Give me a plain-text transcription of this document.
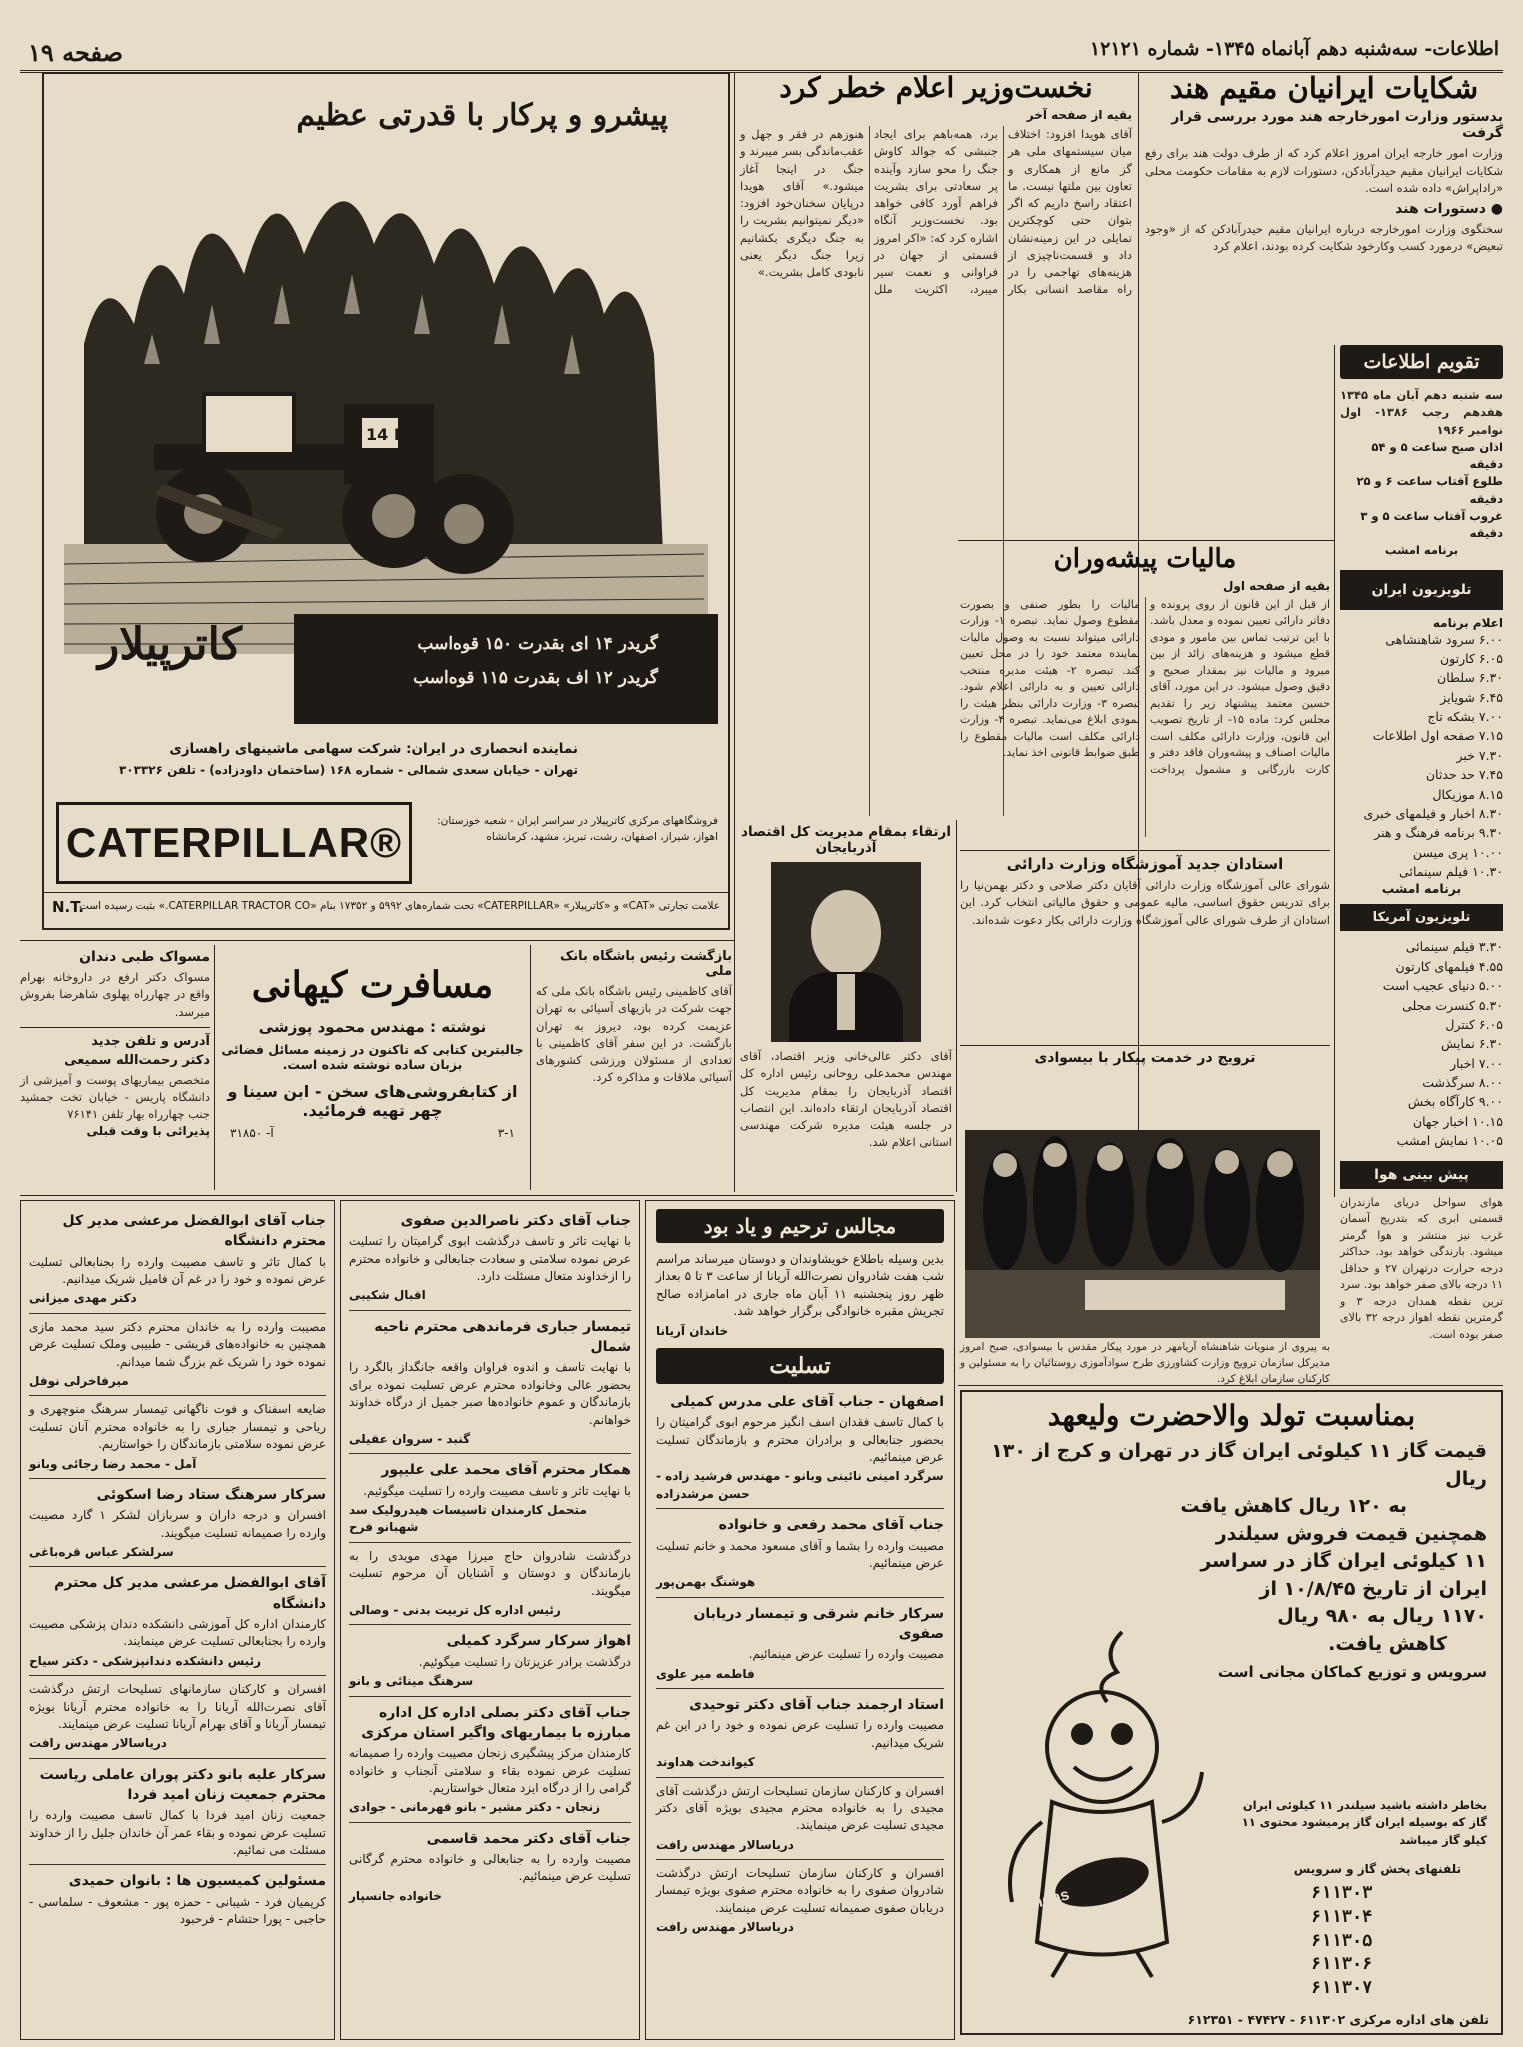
اطلاعات- سه‌شنبه دهم آبانماه ۱۳۴۵- شماره ۱۲۱۲۱
صفحه ۱۹
شکایات ایرانیان مقیم هند
بدستور وزارت امورخارجه هند مورد بررسی قرار گرفت

وزارت امور خارجه ایران امروز اعلام کرد که از طرف دولت هند برای رفع شکایات ایرانیان مقیم حیدرآبادکن، دستورات لازم به مقامات حکومت محلی «راداپراش» داده شده است.

● دستورات هند

سخنگوی وزارت امورخارجه درباره ایرانیان مقیم حیدرآبادکن که از «وجود تبعیض» درمورد کسب وکارخود شکایت کرده بودند، اعلام کرد

نخست‌وزیر اعلام خطر کرد
بقیه از صفحه آخر

آقای هویدا افزود: اختلاف میان سیستمهای ملی هر گز مانع از همکاری و تعاون بین ملتها نیست. ما اعتقاد راسخ داریم که اگر بتوان حتی کوچکترین تمایلی در این زمینه‌نشان داد و قسمت‌ناچیزی از هزینه‌های تهاجمی را در راه مقاصد انسانی بکار برد، همه‌باهم برای ایجاد جنبشی که جوالد کاوش جنگ را محو سازد وآینده پر سعادتی برای بشریت فراهم آورد کافی خواهد بود. نخست‌وزیر آنگاه اشاره کرد که: «اکر امروز قسمتی از جهان در فراوانی و نعمت سیر میبرد، اکثریت ملل هنوزهم در فقر و جهل و عقب‌ماندگی بسر میبرند و جنگ در اینجا آغاز میشود.» آقای هویدا درپایان سخنان‌خود افزود: «دیگر نمیتوانیم بشریت را به جنگ دیگری بکشانیم زیرا جنگ دیگر یعنی نابودی کامل بشریت.»

پیشرو و پرکار با قدرتی عظیم
14 E
گریدر ۱۴ ای بقدرت ۱۵۰ قوه‌اسب
گریدر ۱۲ اف بقدرت ۱۱۵ قوه‌اسب
کاترپیلار
نماینده انحصاری در ایران: شرکت سهامی ماشینهای راهسازی
تهران - خیابان سعدی شمالی - شماره ۱۶۸ (ساختمان داودزاده) - تلفن ۳۰۳۳۲۶
فروشگاههای مرکزی کاترپیلار در سراسر ایران - شعبه خوزستان: اهواز، شیراز، اصفهان، رشت، تبریز، مشهد، کرمانشاه
CATERPILLAR®
N.T.
علامت تجارتی «CAT» و «کاترپیلار» «CATERPILLAR» تحت شماره‌های ۵۹۹۲ و ۱۷۳۵۲ بنام «CATERPILLAR TRACTOR CO.» بثبت رسیده است
تقویم اطلاعات

سه شنبه دهم آبان ماه ۱۳۴۵ هفدهم رجب ۱۳۸۶- اول نوامبر ۱۹۶۶

اذان صبح ساعت ۵ و ۵۴ دقیقه
طلوع آفتاب ساعت ۶ و ۲۵ دقیقه
غروب آفتاب ساعت ۵ و ۳ دقیقه
برنامه امشب
تلویزیون ایران
اعلام برنامه
۶.۰۰ سرود شاهنشاهی
۶.۰۵ کارتون
۶.۳۰ سلطان
۶.۴۵ شویایز
۷.۰۰ بشکه تاج
۷.۱۵ صفحه اول اطلاعات
۷.۳۰ خبر
۷.۴۵ حد حدثان
۸.۱۵ موزیکال
۸.۳۰ اخبار و فیلمهای خبری
۹.۳۰ برنامه فرهنگ و هنر
۱۰.۰۰ پری میسن
۱۰.۳۰ فیلم سینمائی
برنامه امشب
تلویزیون آمریکا
۳.۳۰ فیلم سینمائی
۴.۵۵ فیلمهای کارتون
۵.۰۰ دنیای عجیب است
۵.۳۰ کنسرت مجلی
۶.۰۵ کنترل
۶.۳۰ نمایش
۷.۰۰ اخبار
۸.۰۰ سرگذشت
۹.۰۰ کارآگاه بخش
۱۰.۱۵ اخبار جهان
۱۰.۰۵ نمایش امشب
پیش بینی هوا

هوای سواحل دریای مازندران قسمتی ابری که بتدریج آسمان غرب نیز منتشر و هوا گرمتر میشود. بارندگی خواهد بود. حداکثر درجه حرارت درتهران ۲۷ و حداقل ۱۱ درجه بالای صفر خواهد بود. سرد ترین نقطه همدان درجه ۳ و گرمترین نقطه اهواز درجه ۳۲ بالای صفر بوده است.

مالیات پیشه‌وران
بقیه از صفحه اول

از قبل از این قانون از روی پرونده و دفاتر دارائی تعیین نموده و معدل باشد. با این ترتیب تماس بین مامور و مودی قطع میشود و هزینه‌های زائد از بین میرود و مالیات نیز بمقدار صحیح و دقیق وصول میشود. در این مورد، آقای حسین معتمد پیشنهاد زیر را تقدیم مجلس کرد: ماده ۱۵- از تاریخ تصویب این قانون، وزارت دارائی مکلف است مالیات اصناف و پیشه‌وران فاقد دفتر و کارت بازرگانی و مشمول پرداخت مالیات را بطور صنفی و بصورت مقطوع وصول نماید. تبصره ۱- وزارت دارائی میتواند نسبت به وصول مالیات نماینده معتمد خود را در محل تعیین کند. تبصره ۲- هیئت مدیره منتخب دارائی تعیین و به دارائی اعلام شود. تبصره ۳- وزارت دارائی بنظر هیئت را بمودی ابلاغ می‌نماید. تبصره ۴- وزارت دارائی مکلف است مالیات مقطوع را طبق ضوابط قانونی اخذ نماید.

ارتقاء بمقام مدیریت کل اقتصاد آذربایجان

آقای دکتر عالی‌خانی وزیر اقتصاد، آقای مهندس محمدعلی روحانی رئیس اداره کل اقتصاد آذربایجان را بمقام مدیریت کل اقتصاد آذربایجان ارتقاء داده‌اند. این انتصاب در جلسه هیئت مدیره شرکت مهندسی استانی اعلام شد.

استادان جدید آموزشگاه وزارت دارائی

شورای عالی آموزشگاه وزارت دارائی آقایان دکتر صلاحی و دکتر بهمن‌نیا را برای تدریس حقوق اساسی، مالیه عمومی و حقوق مالیاتی انتخاب کرد. این استادان از طرف شورای عالی آموزشگاه وزارت دارائی بکار دعوت شده‌اند.

بازگشت رئیس باشگاه بانک ملی

آقای کاظمینی رئیس باشگاه بانک ملی که جهت شرکت در بازیهای آسیائی به تهران عزیمت کرده بود، دیروز به تهران بازگشت. در این سفر آقای کاظمینی با تعدادی از مسئولان ورزشی کشورهای آسیائی ملاقات و مذاکره کرد.

مسافرت کیهانی
نوشته : مهندس محمود پوزشی
جالبترین کتابی که تاکنون در زمینه مسائل فضائی بزبان ساده نوشته شده است.
از کتابفروشی‌های سخن - ابن سینا و چهر تهیه فرمائید.
۳-۱
آ- ۳۱۸۵۰
مسواک طبی دندان

مسواک دکتر ارفع در داروخانه بهرام واقع در چهارراه پهلوی شاهرضا بفروش میرسد.

آدرس و تلفن جدید
دکتر رحمت‌الله سمیعی

متخصص بیماریهای پوست و آمیزشی از دانشگاه پاریس - خیابان تخت جمشید جنب چهارراه بهار تلفن ۷۶۱۴۱

پذیرائی با وقت قبلی
ترویج در خدمت پیکار با بیسوادی

به پیروی از منویات شاهنشاه آریامهر در مورد پیکار مقدس با بیسوادی، صبح امروز مدیرکل سازمان ترویج وزارت کشاورزی طرح سوادآموزی روستائیان را به مسئولین و کارکنان سازمان ابلاغ کرد.

بمناسبت تولد والاحضرت ولیعهد
قیمت گاز ۱۱ کیلوئی ایران گاز در تهران و کرج از ۱۳۰ ریال
به ۱۲۰ ریال کاهش یافت
همچنین قیمت فروش سیلندر
۱۱ کیلوئی ایران گاز در سراسر
ایران از تاریخ ۱۰/۸/۴۵ از
۱۱۷۰ ریال به ۹۸۰ ریال
کاهش یافت.
سرویس و توزیع کماکان مجانی است
بخاطر داشته باشید سیلندر ۱۱ کیلوئی ایران گاز که بوسیله ایران گاز پرمیشود محتوی ۱۱ کیلو گاز میباشد
تلفنهای پخش گاز و سرویس
۶۱۱۳۰۳
۶۱۱۳۰۴
۶۱۱۳۰۵
۶۱۱۳۰۶
۶۱۱۳۰۷
تلفن های اداره مرکزی ۶۱۱۳۰۲ - ۴۷۴۲۷ - ۶۱۲۳۵۱
irangas
جناب آقای ابوالفضل مرعشی مدیر کل محترم دانشگاه

با کمال تاثر و تاسف مصیبت وارده را بجنابعالی تسلیت عرض نموده و خود را در غم آن فامیل شریک میدانیم.

دکتر مهدی میزانی

مصیبت وارده را به خاندان محترم دکتر سید محمد مازی همچنین به خانواده‌های قریشی - طبیبی وملک تسلیت عرض نموده خود را شریک غم بزرگ شما میدانم.

میرفاخرلی نوفل

ضایعه اسفناک و فوت ناگهانی تیمسار سرهنگ منوچهری و ریاحی و تیمسار جباری را به خانواده محترم آنان تسلیت عرض نموده سلامتی بازماندگان را خواستاریم.

آمل - محمد رضا رجائی وبانو

سرکار سرهنگ ستاد رضا اسکوئی

افسران و درجه داران و سربازان لشکر ۱ گارد مصیبت وارده را صمیمانه تسلیت میگویند.

سرلشکر عباس قره‌باغی

آقای ابوالفضل مرعشی مدیر کل محترم دانشگاه

کارمندان اداره کل آموزشی دانشکده دندان پزشکی مصیبت وارده را بجنابعالی تسلیت عرض مینمایند.

رئیس دانشکده دندانپزشکی - دکتر سیاح

افسران و کارکنان سازمانهای تسلیحات ارتش درگذشت آقای نصرت‌الله آریانا را به خانواده محترم آریانا بویژه تیمسار آریانا و آقای بهرام آریانا تسلیت عرض مینمایند.

دریاسالار مهندس رافت

سرکار علیه بانو دکتر پوران عاملی ریاست محترم جمعیت زنان امید فردا

جمعیت زنان امید فردا با کمال تاسف مصیبت وارده را تسلیت عرض نموده و بقاء عمر آن خاندان جلیل را از خداوند مسئلت می نمائیم.

مسئولین کمیسیون ها : بانوان حمیدی

کریمیان فرد - شیبانی - حمزه پور - مشعوف - سلماسی - حاجبی - پورا حتشام - فرحبود

جناب آقای دکتر ناصرالدین صفوی

با نهایت تاثر و تاسف درگذشت ابوی گرامیتان را تسلیت عرض نموده سلامتی و سعادت جنابعالی و خانواده محترم را ازخداوند متعال مسئلت دارد.

اقبال شکیبی

تیمسار جباری فرماندهی محترم ناحیه شمال

با نهایت تاسف و اندوه فراوان واقعه جانگداز بالگرد را بحضور عالی وخانواده محترم عرض تسلیت نموده برای بازماندگان و عموم خانواده‌ها صبر جمیل از درگاه خداوند خواهانم.

گنبد - سروان عقیلی

همکار محترم آقای محمد علی علیپور

با نهایت تاثر و تاسف مصیبت وارده را تسلیت میگوئیم.

متحمل کارمندان تاسیسات هیدرولیک سد شهبانو فرح

درگذشت شادروان حاج میرزا مهدی مویدی را به بازماندگان و دوستان و آشنایان آن مرحوم تسلیت میگویند.

رئیس اداره کل تربیت بدنی - وصالی

اهواز سرکار سرگرد کمیلی

درگذشت برادر عزیزتان را تسلیت میگوئیم.

سرهنگ مینائی و بانو

جناب آقای دکتر بصلی اداره کل اداره مبارزه با بیماریهای واگیر استان مرکزی

کارمندان مرکز پیشگیری زنجان مصیبت وارده را صمیمانه تسلیت عرض نموده بقاء و سلامتی آنجناب و خانواده گرامی را از درگاه ایزد متعال خواستاریم.

زنجان - دکتر مشیر - بانو قهرمانی - جوادی

جناب آقای دکتر محمد قاسمی

مصیبت وارده را به جنابعالی و خانواده محترم گرگانی تسلیت عرض مینمائیم.

خانواده جانسپار

مجالس ترحیم و یاد بود

بدین وسیله باطلاع خویشاوندان و دوستان میرساند مراسم شب هفت شادروان نصرت‌الله آریانا از ساعت ۳ تا ۵ بعداز ظهر روز پنجشنبه ۱۱ آبان ماه جاری در امامزاده صالح تجریش مقبره خانوادگی برگزار خواهد شد.

خاندان آریانا

تسلیت
اصفهان - جناب آقای علی مدرس کمیلی

با کمال تاسف فقدان اسف انگیز مرحوم ابوی گرامیتان را بحضور جنابعالی و برادران محترم و بازماندگان تسلیت عرض مینمائیم.

سرگرد امینی نائینی وبانو - مهندس فرشید زاده - حسن مرشدزاده

جناب آقای محمد رفعی و خانواده

مصیبت وارده را بشما و آقای مسعود محمد و خانم تسلیت عرض مینمائیم.

هوشنگ بهمن‌پور

سرکار خانم شرقی و تیمسار دریابان صفوی

مصیبت وارده را تسلیت عرض مینمائیم.

فاطمه میر علوی

استاد ارجمند جناب آقای دکتر توحیدی

مصیبت وارده را تسلیت عرض نموده و خود را در این غم شریک میدانیم.

کیواندخت هداوند

افسران و کارکنان سازمان تسلیحات ارتش درگذشت آقای مجیدی را به خانواده محترم مجیدی بویژه آقای دکتر مجیدی تسلیت عرض مینمایند.

دریاسالار مهندس رافت

افسران و کارکنان سازمان تسلیحات ارتش درگذشت شادروان صفوی را به خانواده محترم صفوی بویژه تیمسار دریابان صفوی صمیمانه تسلیت عرض مینمایند.

دریاسالار مهندس رافت
